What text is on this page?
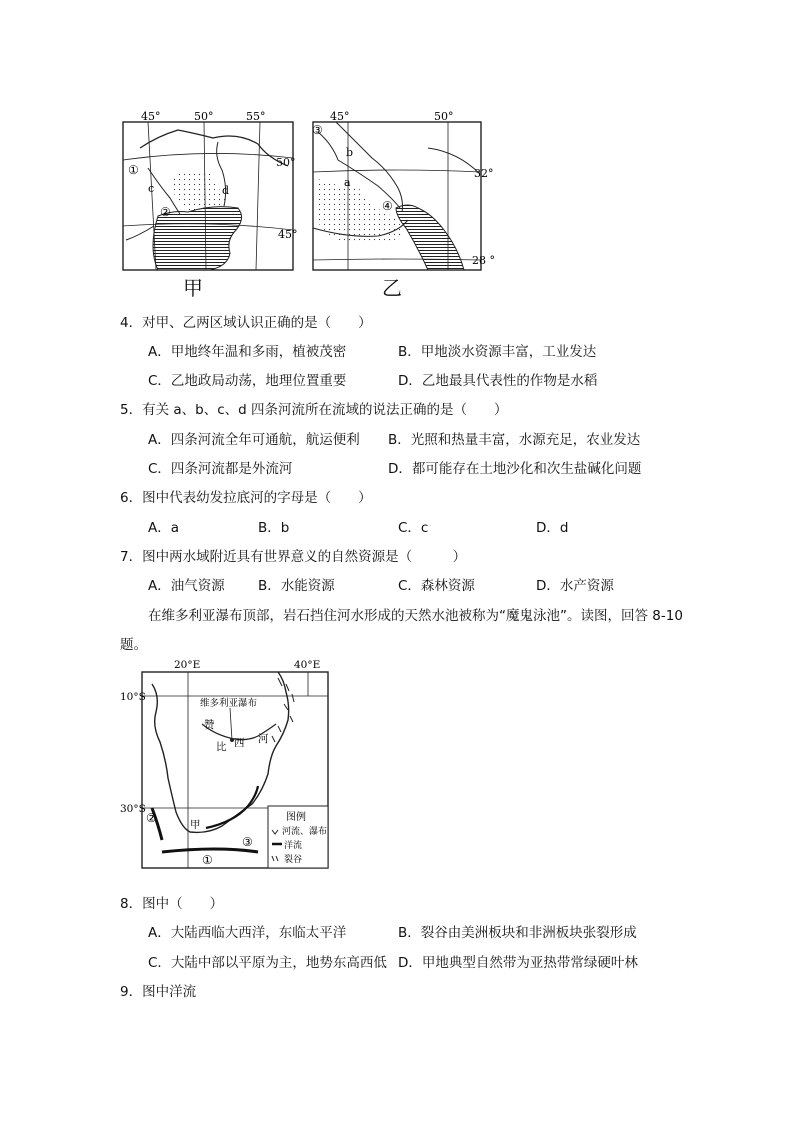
45°	50°	55°
50°
45°
①
②
c	d
甲
45°	50°
32°
28 °
③
④
a
b
乙
4．对甲、乙两区域认识正确的是（　　）
A．甲地终年温和多雨，植被茂密	B．甲地淡水资源丰富，工业发达
C．乙地政局动荡，地理位置重要	D．乙地最具代表性的作物是水稻
5．有关 a、b、c、d 四条河流所在流域的说法正确的是（　　）
A．四条河流全年可通航，航运便利 B．光照和热量丰富，水源充足，农业发达
C．四条河流都是外流河	D．都可能存在土地沙化和次生盐碱化问题
6．图中代表幼发拉底河的字母是（　　）
A．a	B．b	C．c	D．d
7．图中两水域附近具有世界意义的自然资源是（　　　）
A．油气资源 B．水能资源	C．森林资源	D．水产资源
在维多利亚瀑布顶部，岩石挡住河水形成的天然水池被称为“魔鬼泳池”。读图，回答 8-10
题。
20°E	40°E
10°S
30°S
维多利亚瀑布
赞
比 西 河
甲
①
②
③
图例
河流、瀑布
洋流
裂谷
8．图中（　　）
A．大陆西临大西洋，东临太平洋	B．裂谷由美洲板块和非洲板块张裂形成
C．大陆中部以平原为主，地势东高西低 D．甲地典型自然带为亚热带常绿硬叶林
9．图中洋流
